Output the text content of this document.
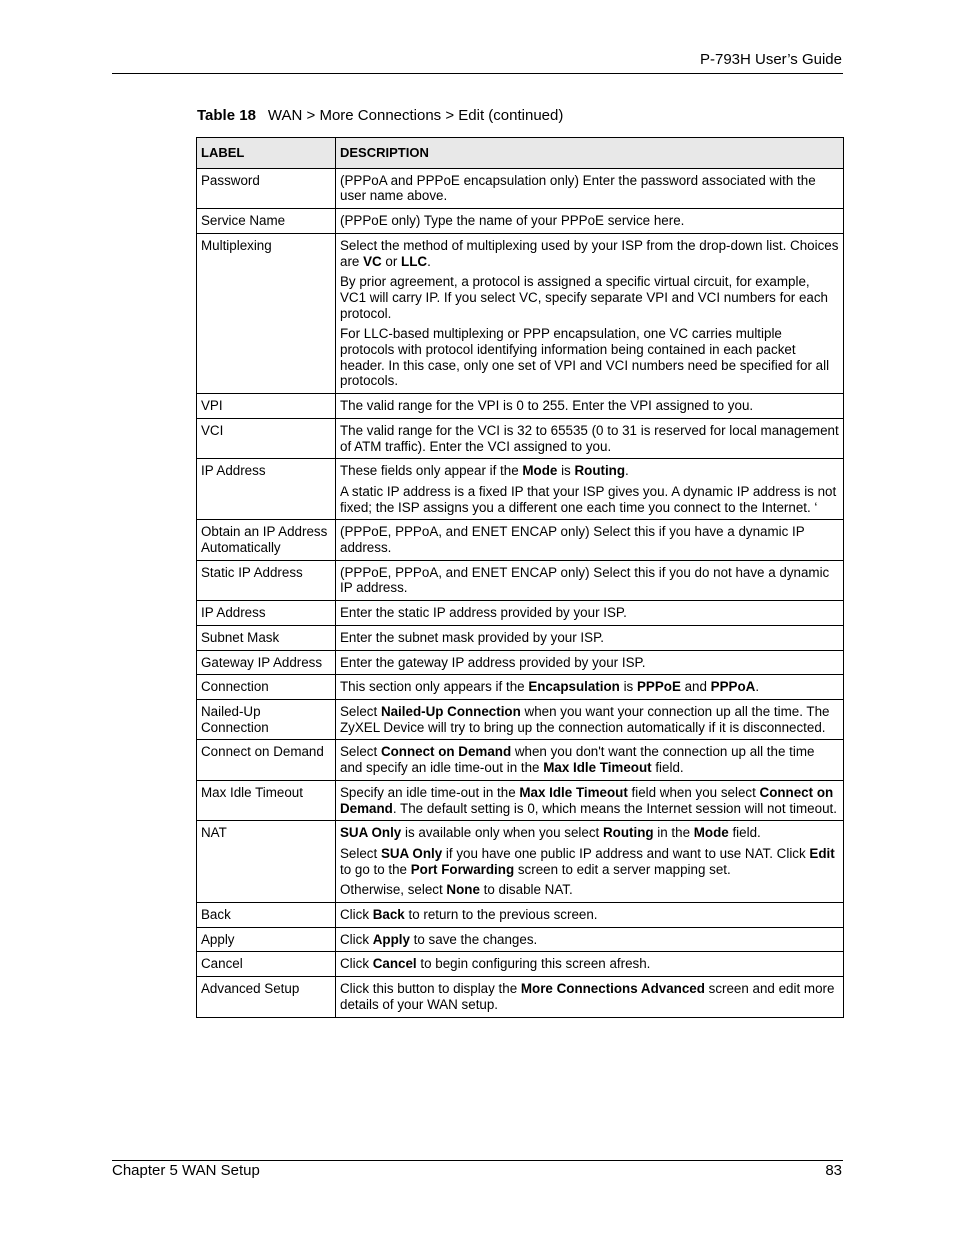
P-793H User’s Guide
Table 18 WAN > More Connections > Edit (continued)
LABEL	DESCRIPTION
Password	(PPPoA and PPPoE encapsulation only) Enter the password associated with the user name above.

Service Name	(PPPoE only) Type the name of your PPPoE service here.

Multiplexing	Select the method of multiplexing used by your ISP from the drop-down list. Choices are VC or LLC.

By prior agreement, a protocol is assigned a specific virtual circuit, for example, VC1 will carry IP. If you select VC, specify separate VPI and VCI numbers for each protocol.

For LLC-based multiplexing or PPP encapsulation, one VC carries multiple protocols with protocol identifying information being contained in each packet header. In this case, only one set of VPI and VCI numbers need be specified for all protocols.

VPI	The valid range for the VPI is 0 to 255. Enter the VPI assigned to you.

VCI	The valid range for the VCI is 32 to 65535 (0 to 31 is reserved for local management of ATM traffic). Enter the VCI assigned to you.

IP Address	These fields only appear if the Mode is Routing.

A static IP address is a fixed IP that your ISP gives you. A dynamic IP address is not fixed; the ISP assigns you a different one each time you connect to the Internet. ‘

Obtain an IP Address Automatically	(PPPoE, PPPoA, and ENET ENCAP only) Select this if you have a dynamic IP address.

Static IP Address	(PPPoE, PPPoA, and ENET ENCAP only) Select this if you do not have a dynamic IP address.

IP Address	Enter the static IP address provided by your ISP.

Subnet Mask	Enter the subnet mask provided by your ISP.

Gateway IP Address	Enter the gateway IP address provided by your ISP.

Connection	This section only appears if the Encapsulation is PPPoE and PPPoA.

Nailed-Up Connection	Select Nailed-Up Connection when you want your connection up all the time. The ZyXEL Device will try to bring up the connection automatically if it is disconnected.

Connect on Demand	Select Connect on Demand when you don't want the connection up all the time and specify an idle time-out in the Max Idle Timeout field.

Max Idle Timeout	Specify an idle time-out in the Max Idle Timeout field when you select Connect on Demand. The default setting is 0, which means the Internet session will not timeout.

NAT	SUA Only is available only when you select Routing in the Mode field.

Select SUA Only if you have one public IP address and want to use NAT. Click Edit to go to the Port Forwarding screen to edit a server mapping set.

Otherwise, select None to disable NAT.

Back	Click Back to return to the previous screen.

Apply	Click Apply to save the changes.

Cancel	Click Cancel to begin configuring this screen afresh.

Advanced Setup	Click this button to display the More Connections Advanced screen and edit more details of your WAN setup.

Chapter 5 WAN Setup	83
